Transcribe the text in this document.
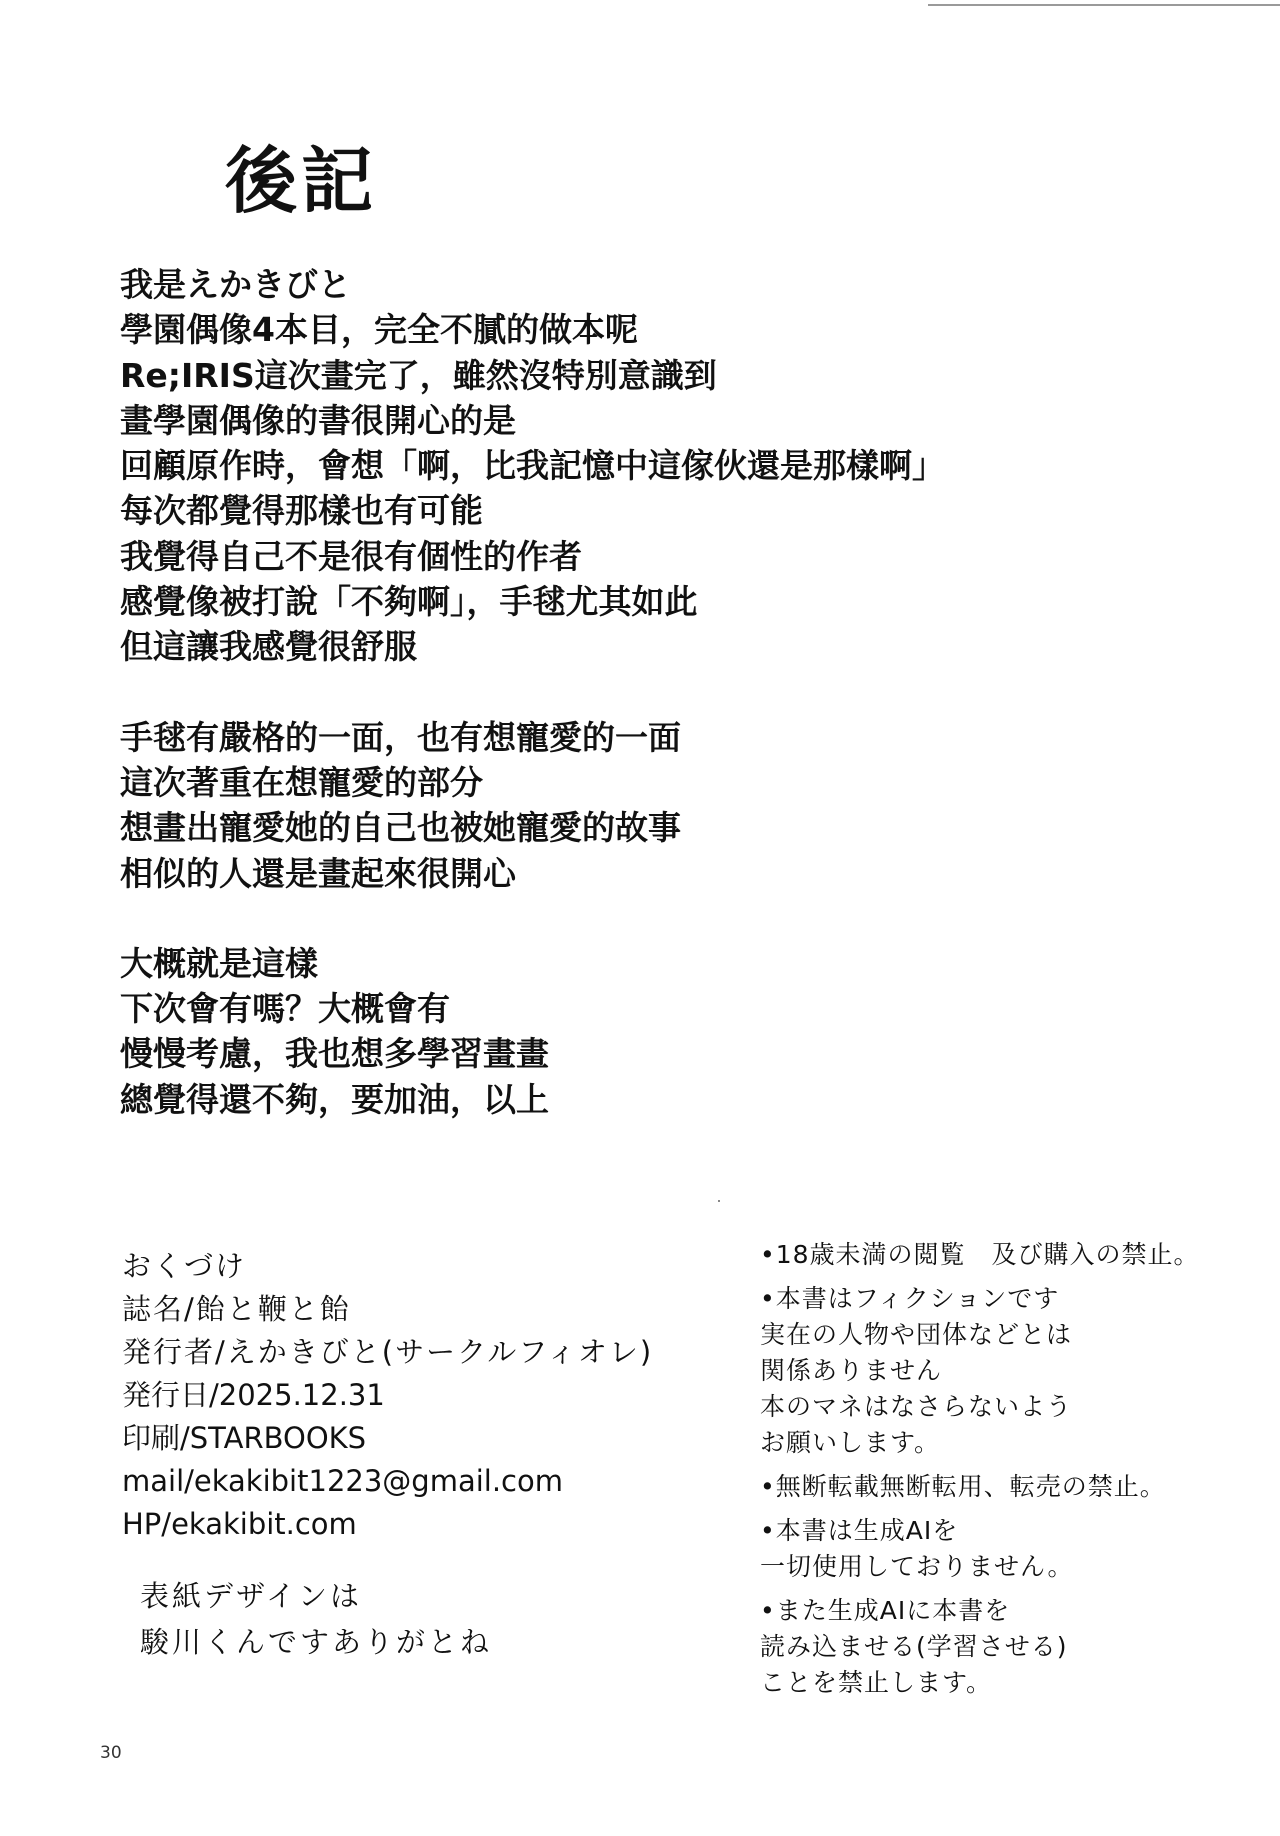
後記
我是えかきびと
學園偶像4本目，完全不膩的做本呢
Re;IRIS這次畫完了，雖然沒特別意識到
畫學園偶像的書很開心的是
回顧原作時，會想「啊，比我記憶中這傢伙還是那樣啊」
每次都覺得那樣也有可能
我覺得自己不是很有個性的作者
感覺像被打說「不夠啊」，手毬尤其如此
但這讓我感覺很舒服
手毬有嚴格的一面，也有想寵愛的一面
這次著重在想寵愛的部分
想畫出寵愛她的自己也被她寵愛的故事
相似的人還是畫起來很開心
大概就是這樣
下次會有嗎？大概會有
慢慢考慮，我也想多學習畫畫
總覺得還不夠，要加油，以上
おくづけ
誌名/飴と鞭と飴
発行者/えかきびと(サークルフィオレ)
発行日/2025.12.31
印刷/STARBOOKS
mail/ekakibit1223@gmail.com
HP/ekakibit.com
表紙デザインは
駿川くんですありがとね
•18歳未満の閲覧　及び購入の禁止。
•本書はフィクションです
実在の人物や団体などとは
関係ありません
本のマネはなさらないよう
お願いします。
•無断転載無断転用、転売の禁止。
•本書は生成AIを
一切使用しておりません。
•また生成AIに本書を
読み込ませる(学習させる)
ことを禁止します。
30
